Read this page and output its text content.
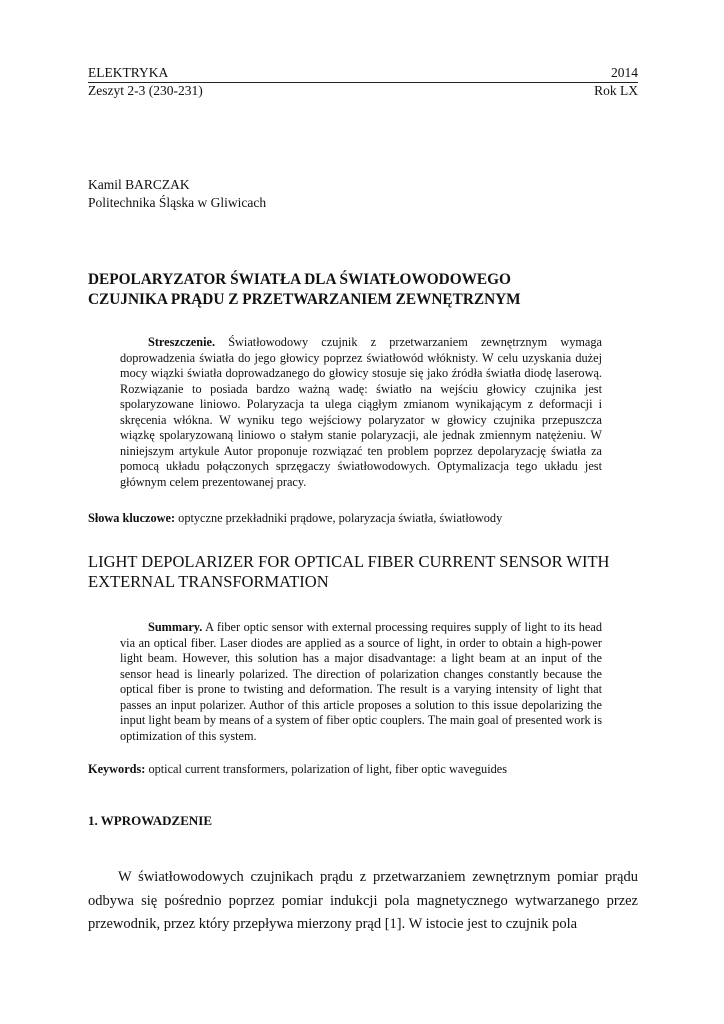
ELEKTRYKA	2014
Zeszyt 2-3 (230-231)	Rok LX
Kamil BARCZAK
Politechnika Śląska w Gliwicach
DEPOLARYZATOR ŚWIATŁA DLA ŚWIATŁOWODOWEGO
CZUJNIKA PRĄDU Z PRZETWARZANIEM ZEWNĘTRZNYM

Streszczenie. Światłowodowy czujnik z przetwarzaniem zewnętrznym wymaga doprowadzenia światła do jego głowicy poprzez światłowód włóknisty. W celu uzyskania dużej mocy wiązki światła doprowadzanego do głowicy stosuje się jako źródła światła diodę laserową. Rozwiązanie to posiada bardzo ważną wadę: światło na wejściu głowicy czujnika jest spolaryzowane liniowo. Polaryzacja ta ulega ciągłym zmianom wynikającym z deformacji i skręcenia włókna. W wyniku tego wejściowy polaryzator w głowicy czujnika przepuszcza wiązkę spolaryzowaną liniowo o stałym stanie polaryzacji, ale jednak zmiennym natężeniu. W niniejszym artykule Autor proponuje rozwiązać ten problem poprzez depolaryzację światła za pomocą układu połączonych sprzęgaczy światłowodowych. Optymalizacja tego układu jest głównym celem prezentowanej pracy.

Słowa kluczowe: optyczne przekładniki prądowe, polaryzacja światła, światłowody
LIGHT DEPOLARIZER FOR OPTICAL FIBER CURRENT SENSOR WITH
EXTERNAL TRANSFORMATION

Summary. A fiber optic sensor with external processing requires supply of light to its head via an optical fiber. Laser diodes are applied as a source of light, in order to obtain a high-power light beam. However, this solution has a major disadvantage: a light beam at an input of the sensor head is linearly polarized. The direction of polarization changes constantly because the optical fiber is prone to twisting and deformation. The result is a varying intensity of light that passes an input polarizer. Author of this article proposes a solution to this issue depolarizing the input light beam by means of a system of fiber optic couplers. The main goal of presented work is optimization of this system.

Keywords: optical current transformers, polarization of light, fiber optic waveguides
1. WPROWADZENIE

W światłowodowych czujnikach prądu z przetwarzaniem zewnętrznym pomiar prądu odbywa się pośrednio poprzez pomiar indukcji pola magnetycznego wytwarzanego przez przewodnik, przez który przepływa mierzony prąd [1]. W istocie jest to czujnik pola
